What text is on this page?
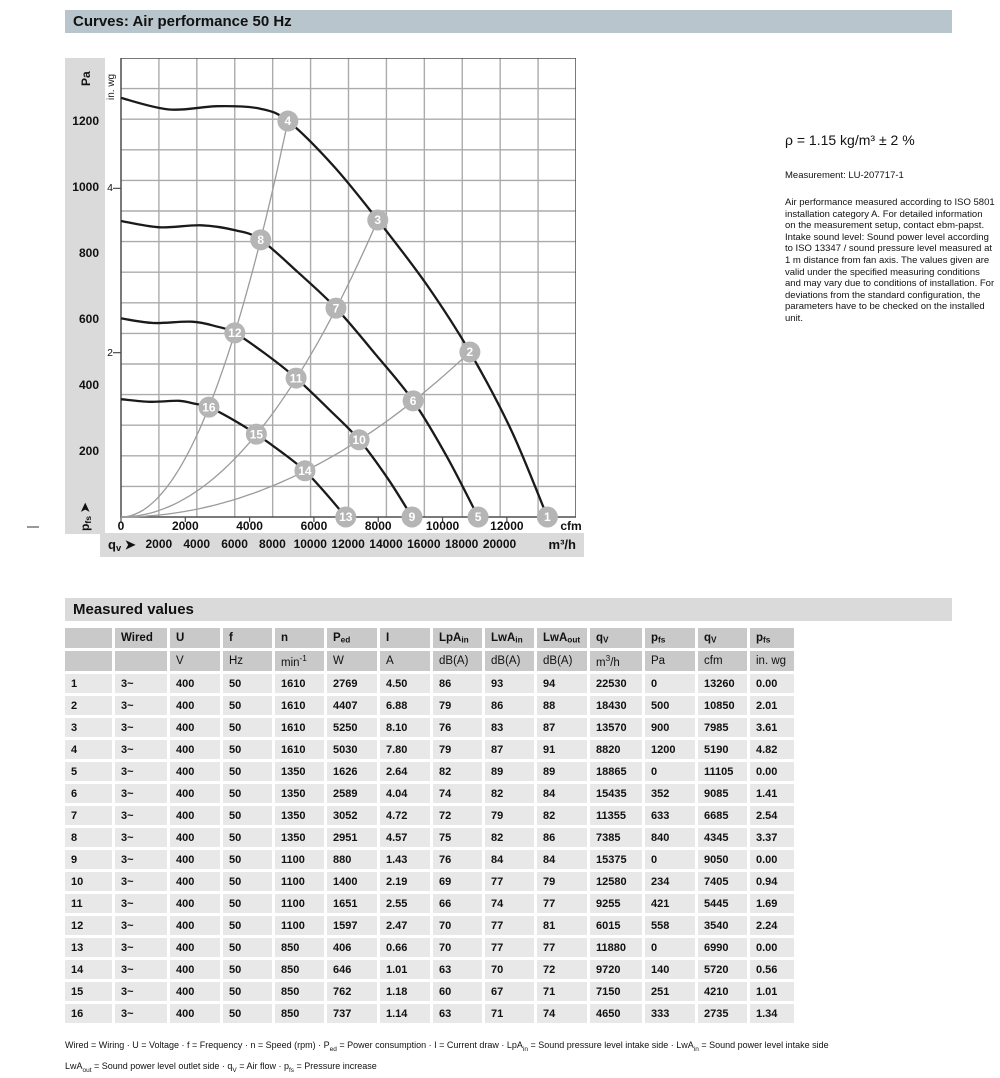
Curves: Air performance 50 Hz
Pa in. wg
pfs ➤
200
400
600
800
1000
1200
2
4
1
2
3
4
5
6
7
8
9
10
11
12
13
14
15
16
0	2000	4000	6000	8000	10000	12000	cfm
qv ➤ 2000 4000 6000 8000 10000 12000 14000 16000 18000 20000	m³/h
ρ = 1.15 kg/m³ ± 2 %
Measurement: LU-207717-1
Air performance measured according to ISO 5801 installation category A. For detailed information on the measurement setup, contact ebm-papst. Intake sound level: Sound power level according to ISO 13347 / sound pressure level measured at 1 m distance from fan axis. The values given are valid under the specified measuring conditions and may vary due to conditions of installation. For deviations from the standard configuration, the parameters have to be checked on the installed unit.
Measured values
	Wired	U	f	n	Ped	I	LpAin	LwAin	LwAout	qV	pfs	qV	pfs
		V	Hz	$\min^{-1}$	W	A	dB(A)	dB(A)	dB(A)	$m^3/h$	Pa	cfm	in. wg
1	3~	400	50	1610	2769	4.50	86	93	94	22530	0	13260	0.00
2	3~	400	50	1610	4407	6.88	79	86	88	18430	500	10850	2.01
3	3~	400	50	1610	5250	8.10	76	83	87	13570	900	7985	3.61
4	3~	400	50	1610	5030	7.80	79	87	91	8820	1200	5190	4.82
5	3~	400	50	1350	1626	2.64	82	89	89	18865	0	11105	0.00
6	3~	400	50	1350	2589	4.04	74	82	84	15435	352	9085	1.41
7	3~	400	50	1350	3052	4.72	72	79	82	11355	633	6685	2.54
8	3~	400	50	1350	2951	4.57	75	82	86	7385	840	4345	3.37
9	3~	400	50	1100	880	1.43	76	84	84	15375	0	9050	0.00
10	3~	400	50	1100	1400	2.19	69	77	79	12580	234	7405	0.94
11	3~	400	50	1100	1651	2.55	66	74	77	9255	421	5445	1.69
12	3~	400	50	1100	1597	2.47	70	77	81	6015	558	3540	2.24
13	3~	400	50	850	406	0.66	70	77	77	11880	0	6990	0.00
14	3~	400	50	850	646	1.01	63	70	72	9720	140	5720	0.56
15	3~	400	50	850	762	1.18	60	67	71	7150	251	4210	1.01
16	3~	400	50	850	737	1.14	63	71	74	4650	333	2735	1.34
Wired = Wiring · U = Voltage · f = Frequency · n = Speed $(rpm) \cdot P_{ed}$ = Power consumption · I = Current draw · LpA$_{in}$ = Sound pressure level intake side · LwA$_{in}$ = Sound power level intake side
LwA$_{out}$ = Sound power level outlet side · $q_V$ = Air flow · $p_{fs}$ = Pressure increase
